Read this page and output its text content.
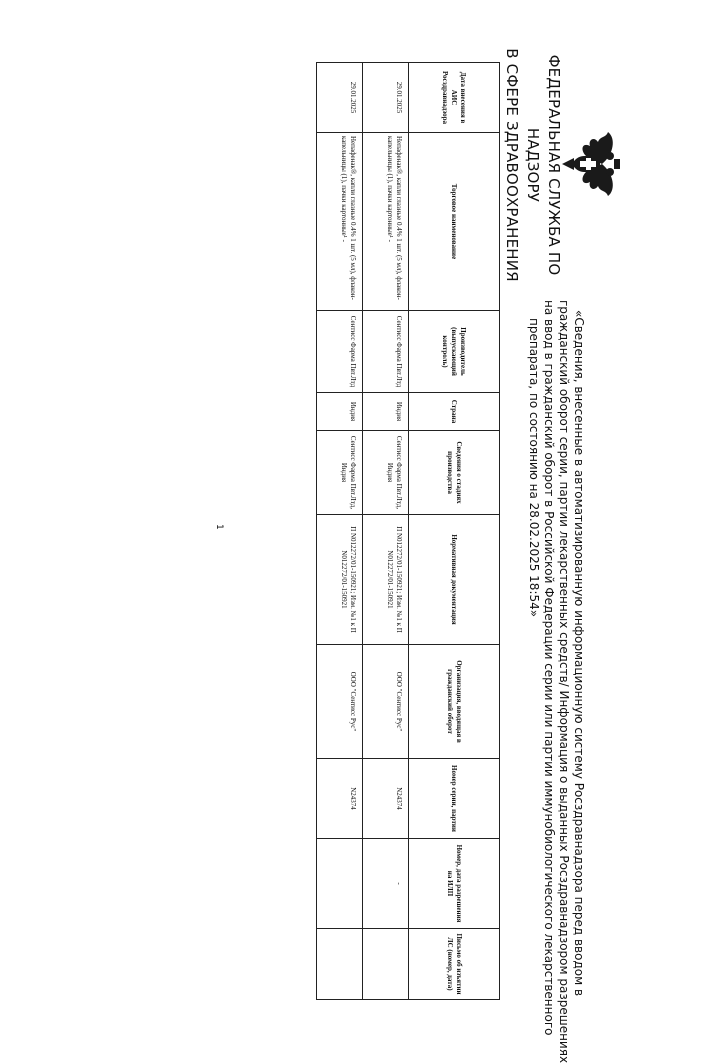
ФЕДЕРАЛЬНАЯ СЛУЖБА ПО НАДЗОРУ
В СФЕРЕ ЗДРАВООХРАНЕНИЯ
«Сведения, внесенные в автоматизированную информационную систему Росздравнадзора перед вводом в
гражданский оборот серии, партии лекарственных средств/ Информация о выданных Росздравнадзором разрешениях
на ввод в гражданский оборот в Российской Федерации серии или партии иммунобиологического лекарственного
препарата, по состоянию на 28.02.2025 18:54»
Дата внесения в АИС Росздравнадзора	Торговое наименование	Производитель (выпускающий контроль)	Страна	Сведения о стадиях производства	Нормативная документация	Организация, вводящая в гражданский оборот	Номер серии, партии	Номер, дата разрешения на ИЛП	Письмо об изъятии ЛС (номер, дата)
29.01.2025	Непафенак®, капли глазные 0.4% 1 шт. (5 мл), флакон-капельницы (1), пачки картонные¹ -	Сентисс Фарма Пвт.Лтд	Индия	Сентисс Фарма Пвт.Лтд, Индия	П N012272/01-150921; Изм. №1 к П N012272/01-150921	ООО "Сентисс Рус"	N24374	-	
29.01.2025	Непафенак®, капли глазные 0.4% 1 шт. (5 мл), флакон-капельницы (1), пачки картонные¹ -	Сентисс Фарма Пвт.Лтд	Индия	Сентисс Фарма Пвт.Лтд, Индия	П N012272/01-150921; Изм. №1 к П N012272/01-150921	ООО "Сентисс Рус"	N24374		
1
